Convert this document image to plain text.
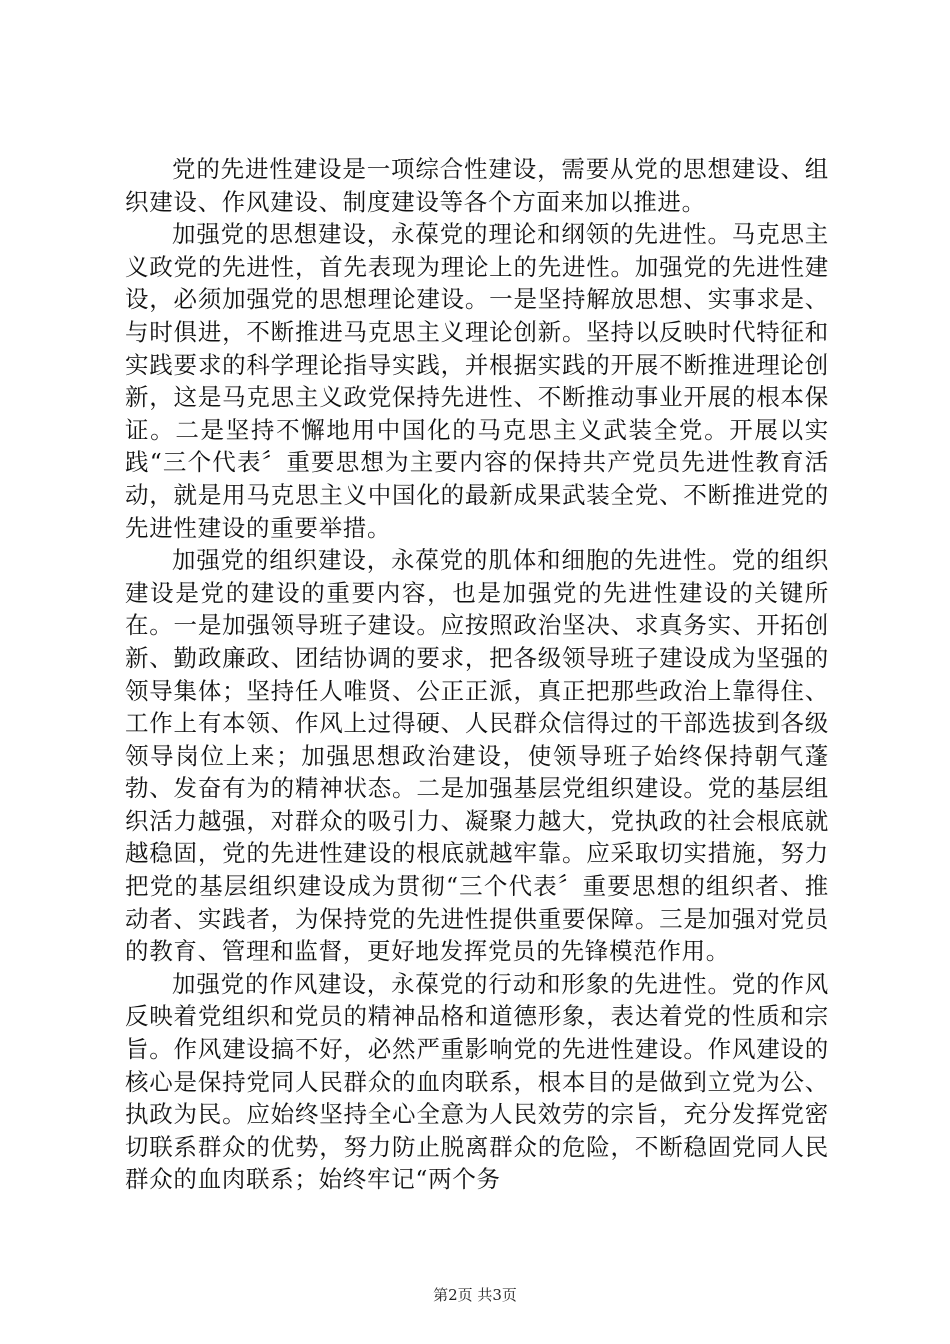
党的先进性建设是一项综合性建设，需要从党的思想建设、组织建设、作风建设、制度建设等各个方面来加以推进。

加强党的思想建设，永葆党的理论和纲领的先进性。马克思主义政党的先进性，首先表现为理论上的先进性。加强党的先进性建设，必须加强党的思想理论建设。一是坚持解放思想、实事求是、与时俱进，不断推进马克思主义理论创新。坚持以反映时代特征和实践要求的科学理论指导实践，并根据实践的开展不断推进理论创新，这是马克思主义政党保持先进性、不断推动事业开展的根本保证。二是坚持不懈地用中国化的马克思主义武装全党。开展以实践“三个代表〞重要思想为主要内容的保持共产党员先进性教育活动，就是用马克思主义中国化的最新成果武装全党、不断推进党的先进性建设的重要举措。

加强党的组织建设，永葆党的肌体和细胞的先进性。党的组织建设是党的建设的重要内容，也是加强党的先进性建设的关键所在。一是加强领导班子建设。应按照政治坚决、求真务实、开拓创新、勤政廉政、团结协调的要求，把各级领导班子建设成为坚强的领导集体；坚持任人唯贤、公正正派，真正把那些政治上靠得住、工作上有本领、作风上过得硬、人民群众信得过的干部选拔到各级领导岗位上来；加强思想政治建设，使领导班子始终保持朝气蓬勃、发奋有为的精神状态。二是加强基层党组织建设。党的基层组织活力越强，对群众的吸引力、凝聚力越大，党执政的社会根底就越稳固，党的先进性建设的根底就越牢靠。应采取切实措施，努力把党的基层组织建设成为贯彻“三个代表〞重要思想的组织者、推动者、实践者，为保持党的先进性提供重要保障。三是加强对党员的教育、管理和监督，更好地发挥党员的先锋模范作用。

加强党的作风建设，永葆党的行动和形象的先进性。党的作风反映着党组织和党员的精神品格和道德形象，表达着党的性质和宗旨。作风建设搞不好，必然严重影响党的先进性建设。作风建设的核心是保持党同人民群众的血肉联系，根本目的是做到立党为公、执政为民。应始终坚持全心全意为人民效劳的宗旨，充分发挥党密切联系群众的优势，努力防止脱离群众的危险，不断稳固党同人民群众的血肉联系；始终牢记“两个务

第2页 共3页
